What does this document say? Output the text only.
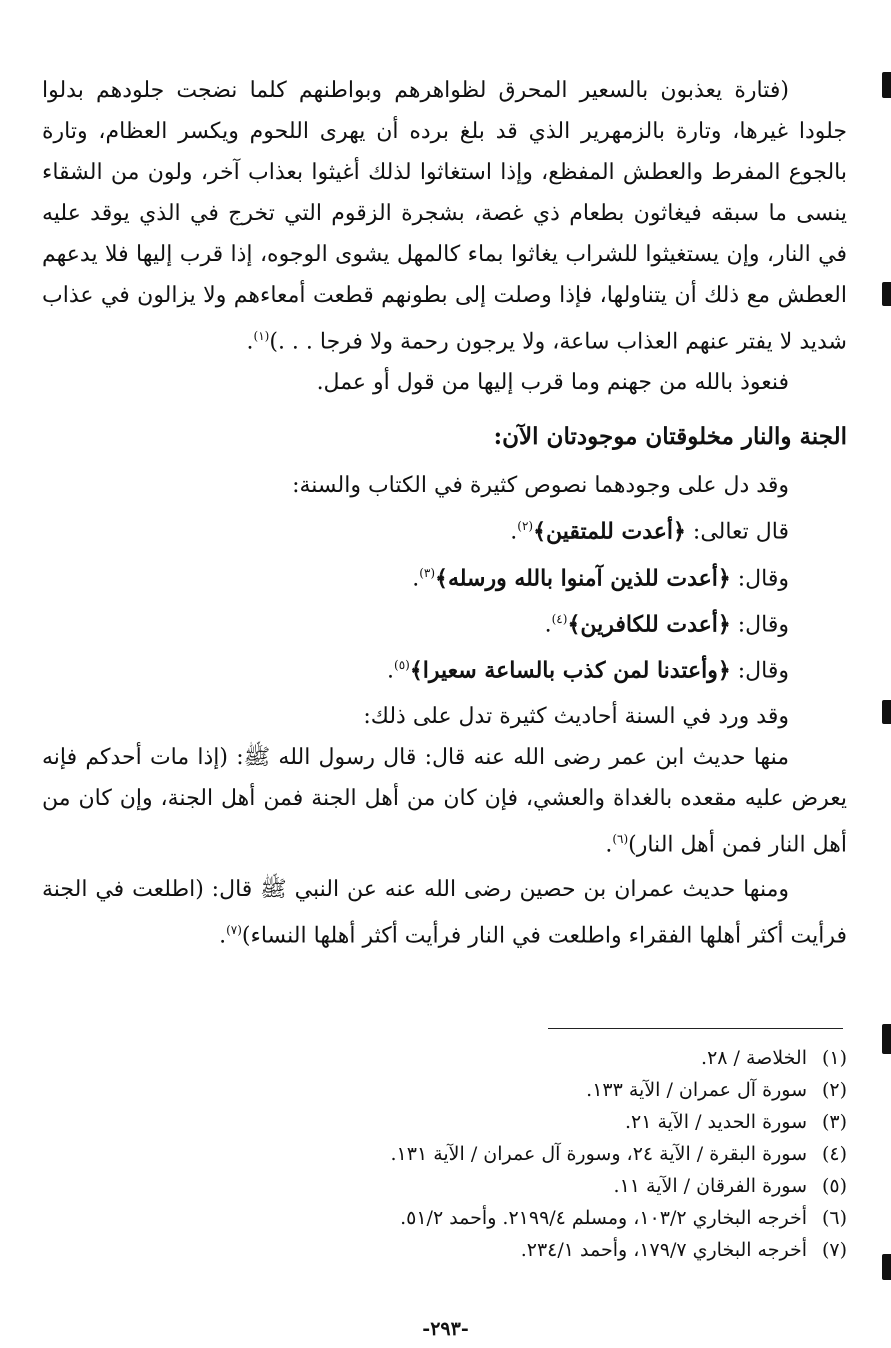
(فتارة يعذبون بالسعير المحرق لظواهرهم وبواطنهم كلما نضجت جلودهم بدلوا جلودا غيرها، وتارة بالزمهرير الذي قد بلغ برده أن يهرى اللحوم ويكسر العظام، وتارة بالجوع المفرط والعطش المفظع، وإذا استغاثوا لذلك أغيثوا بعذاب آخر، ولون من الشقاء ينسى ما سبقه فيغاثون بطعام ذي غصة، بشجرة الزقوم التي تخرج في الذي يوقد عليه في النار، وإن يستغيثوا للشراب يغاثوا بماء كالمهل يشوى الوجوه، إذا قرب إليها فلا يدعهم العطش مع ذلك أن يتناولها، فإذا وصلت إلى بطونهم قطعت أمعاءهم ولا يزالون في عذاب شديد لا يفتر عنهم العذاب ساعة، ولا يرجون رحمة ولا فرجا . . .)$^{(١)}$.

فنعوذ بالله من جهنم وما قرب إليها من قول أو عمل.

الجنة والنار مخلوقتان موجودتان الآن:

وقد دل على وجودهما نصوص كثيرة في الكتاب والسنة:

قال تعالى: ﴿أعدت للمتقين﴾$^{(٢)}$.

وقال: ﴿أعدت للذين آمنوا بالله ورسله﴾$^{(٣)}$.

وقال: ﴿أعدت للكافرين﴾$^{(٤)}$.

وقال: ﴿وأعتدنا لمن كذب بالساعة سعيرا﴾$^{(٥)}$.

وقد ورد في السنة أحاديث كثيرة تدل على ذلك:

منها حديث ابن عمر رضى الله عنه قال: قال رسول الله ﷺ: (إذا مات أحدكم فإنه يعرض عليه مقعده بالغداة والعشي، فإن كان من أهل الجنة فمن أهل الجنة، وإن كان من أهل النار فمن أهل النار)$^{(٦)}$.

ومنها حديث عمران بن حصين رضى الله عنه عن النبي ﷺ قال: (اطلعت في الجنة فرأيت أكثر أهلها الفقراء واطلعت في النار فرأيت أكثر أهلها النساء)$^{(٧)}$.

(١)
الخلاصة / ٢٨.
(٢)
سورة آل عمران / الآية ١٣٣.
(٣)
سورة الحديد / الآية ٢١.
(٤)
سورة البقرة / الآية ٢٤، وسورة آل عمران / الآية ١٣١.
(٥)
سورة الفرقان / الآية ١١.
(٦)
أخرجه البخاري ١٠٣/٢، ومسلم ٢١٩٩/٤. وأحمد ٥١/٢.
(٧)
أخرجه البخاري ١٧٩/٧، وأحمد ٢٣٤/١.
-٢٩٣-
